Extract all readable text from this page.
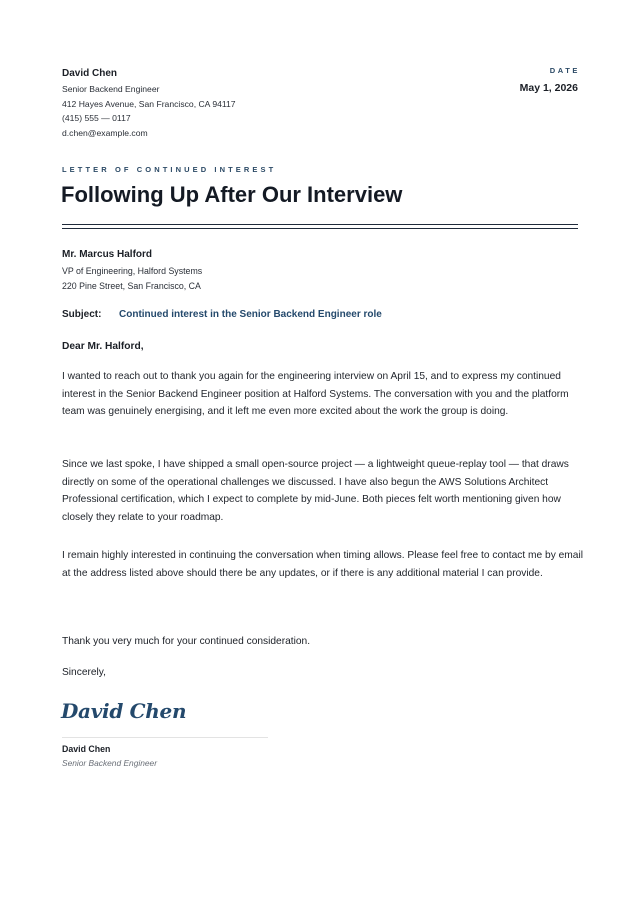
David Chen
Senior Backend Engineer
412 Hayes Avenue, San Francisco, CA 94117
(415) 555 — 0117
d.chen@example.com
DATE
May 1, 2026
LETTER OF CONTINUED INTEREST
Following Up After Our Interview
Mr. Marcus Halford
VP of Engineering, Halford Systems
220 Pine Street, San Francisco, CA
Subject: Continued interest in the Senior Backend Engineer role
Dear Mr. Halford,
I wanted to reach out to thank you again for the engineering interview on April 15, and to express my continued interest in the Senior Backend Engineer position at Halford Systems. The conversation with you and the platform team was genuinely energising, and it left me even more excited about the work the group is doing.
Since we last spoke, I have shipped a small open-source project — a lightweight queue-replay tool — that draws directly on some of the operational challenges we discussed. I have also begun the AWS Solutions Architect Professional certification, which I expect to complete by mid-June. Both pieces felt worth mentioning given how closely they relate to your roadmap.
I remain highly interested in continuing the conversation when timing allows. Please feel free to contact me by email at the address listed above should there be any updates, or if there is any additional material I can provide.
Thank you very much for your continued consideration.
Sincerely,
David Chen
David Chen
Senior Backend Engineer
